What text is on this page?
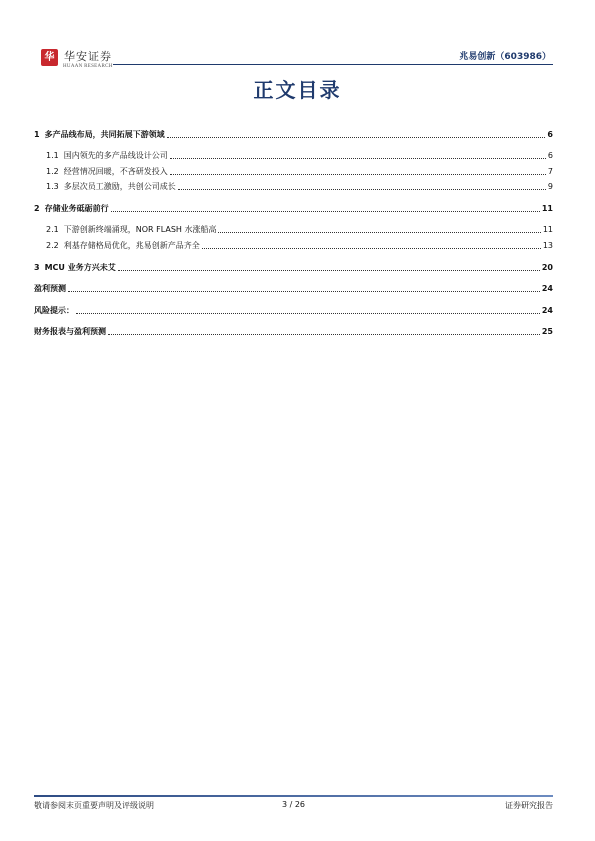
华 华安证券
HUAAN RESEARCH
兆易创新（603986）
正文目录
1 多产品线布局，共同拓展下游领域	6
1.1 国内领先的多产品线设计公司	6
1.2 经营情况回暖，不吝研发投入	7
1.3 多层次员工激励，共创公司成长	9
2 存储业务砥砺前行	11
2.1 下游创新终端涌现，NOR FLASH 水涨船高	11
2.2 利基存储格局优化，兆易创新产品齐全	13
3 MCU 业务方兴未艾	20
盈利预测	24
风险提示：	24
财务报表与盈利预测	25
敬请参阅末页重要声明及评级说明	3 / 26	证券研究报告
